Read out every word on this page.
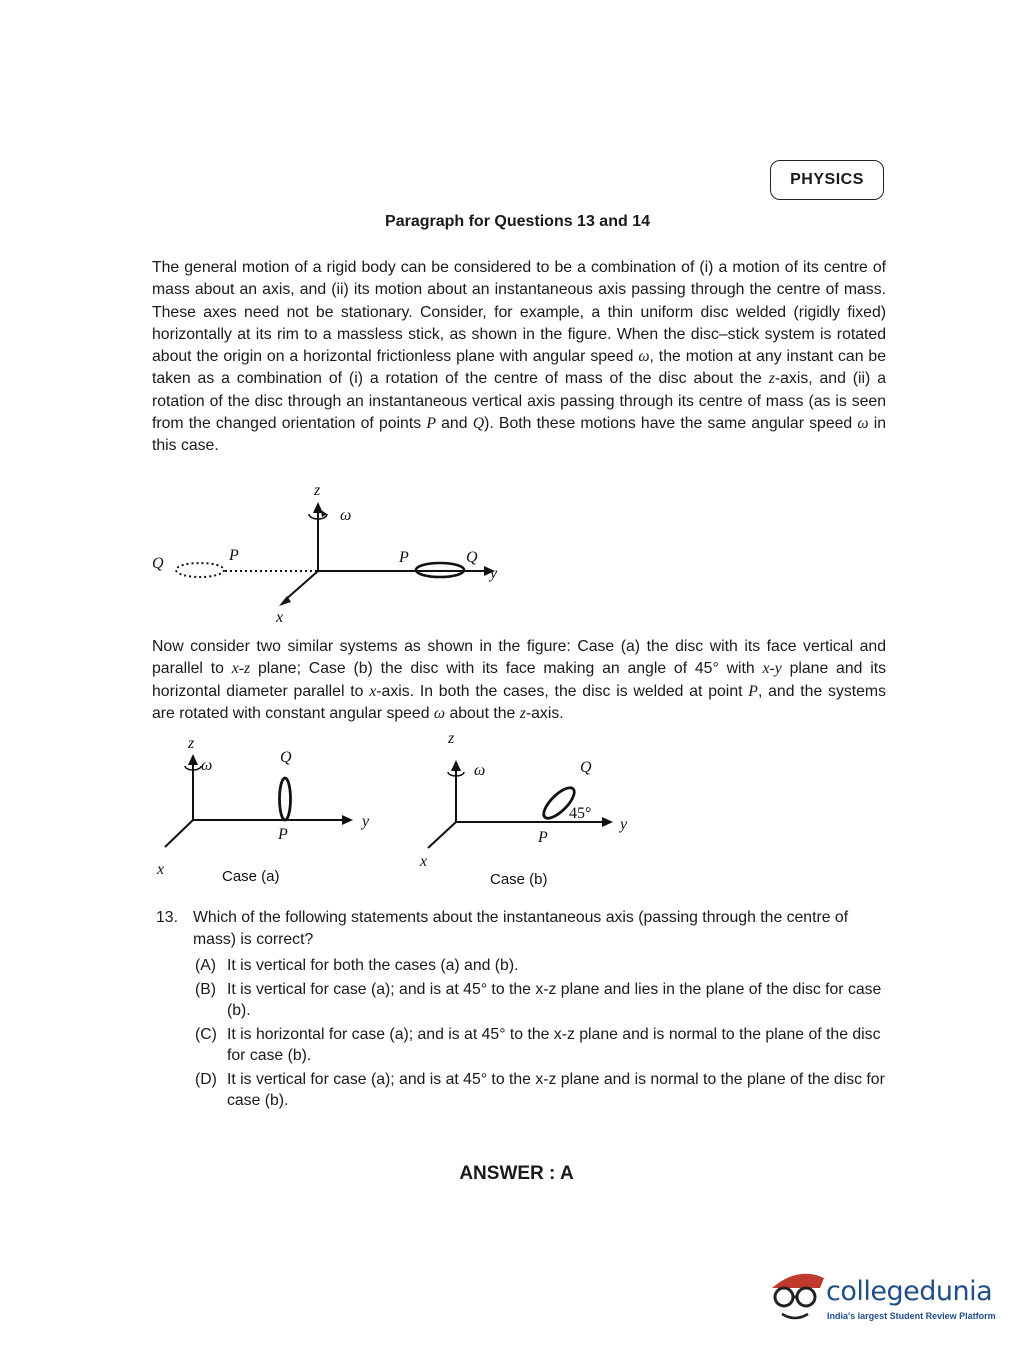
PHYSICS
Paragraph for Questions 13 and 14

The general motion of a rigid body can be considered to be a combination of (i) a motion of its centre of mass about an axis, and (ii) its motion about an instantaneous axis passing through the centre of mass. These axes need not be stationary. Consider, for example, a thin uniform disc welded (rigidly fixed) horizontally at its rim to a massless stick, as shown in the figure. When the disc–stick system is rotated about the origin on a horizontal frictionless plane with angular speed ω, the motion at any instant can be taken as a combination of (i) a rotation of the centre of mass of the disc about the z-axis, and (ii) a rotation of the disc through an instantaneous vertical axis passing through its centre of mass (as is seen from the changed orientation of points P and Q). Both these motions have the same angular speed ω in this case.

z
ω
x
y
P	Q
P
Q

Now consider two similar systems as shown in the figure: Case (a) the disc with its face vertical and parallel to x-z plane; Case (b) the disc with its face making an angle of 45° with x-y plane and its horizontal diameter parallel to x-axis. In both the cases, the disc is welded at point P, and the systems are rotated with constant angular speed ω about the z-axis.

z
ω
y
x
Q
P
Case (a)
z
ω
y
x
Q
P
45°
Case (b)
13. Which of the following statements about the instantaneous axis (passing through the centre of mass) is correct?
(A) It is vertical for both the cases (a) and (b).
(B) It is vertical for case (a); and is at 45° to the x-z plane and lies in the plane of the disc for case (b).
(C) It is horizontal for case (a); and is at 45° to the x-z plane and is normal to the plane of the disc for case (b).
(D) It is vertical for case (a); and is at 45° to the x-z plane and is normal to the plane of the disc for case (b).
ANSWER : A
collegedunia
India's largest Student Review Platform
